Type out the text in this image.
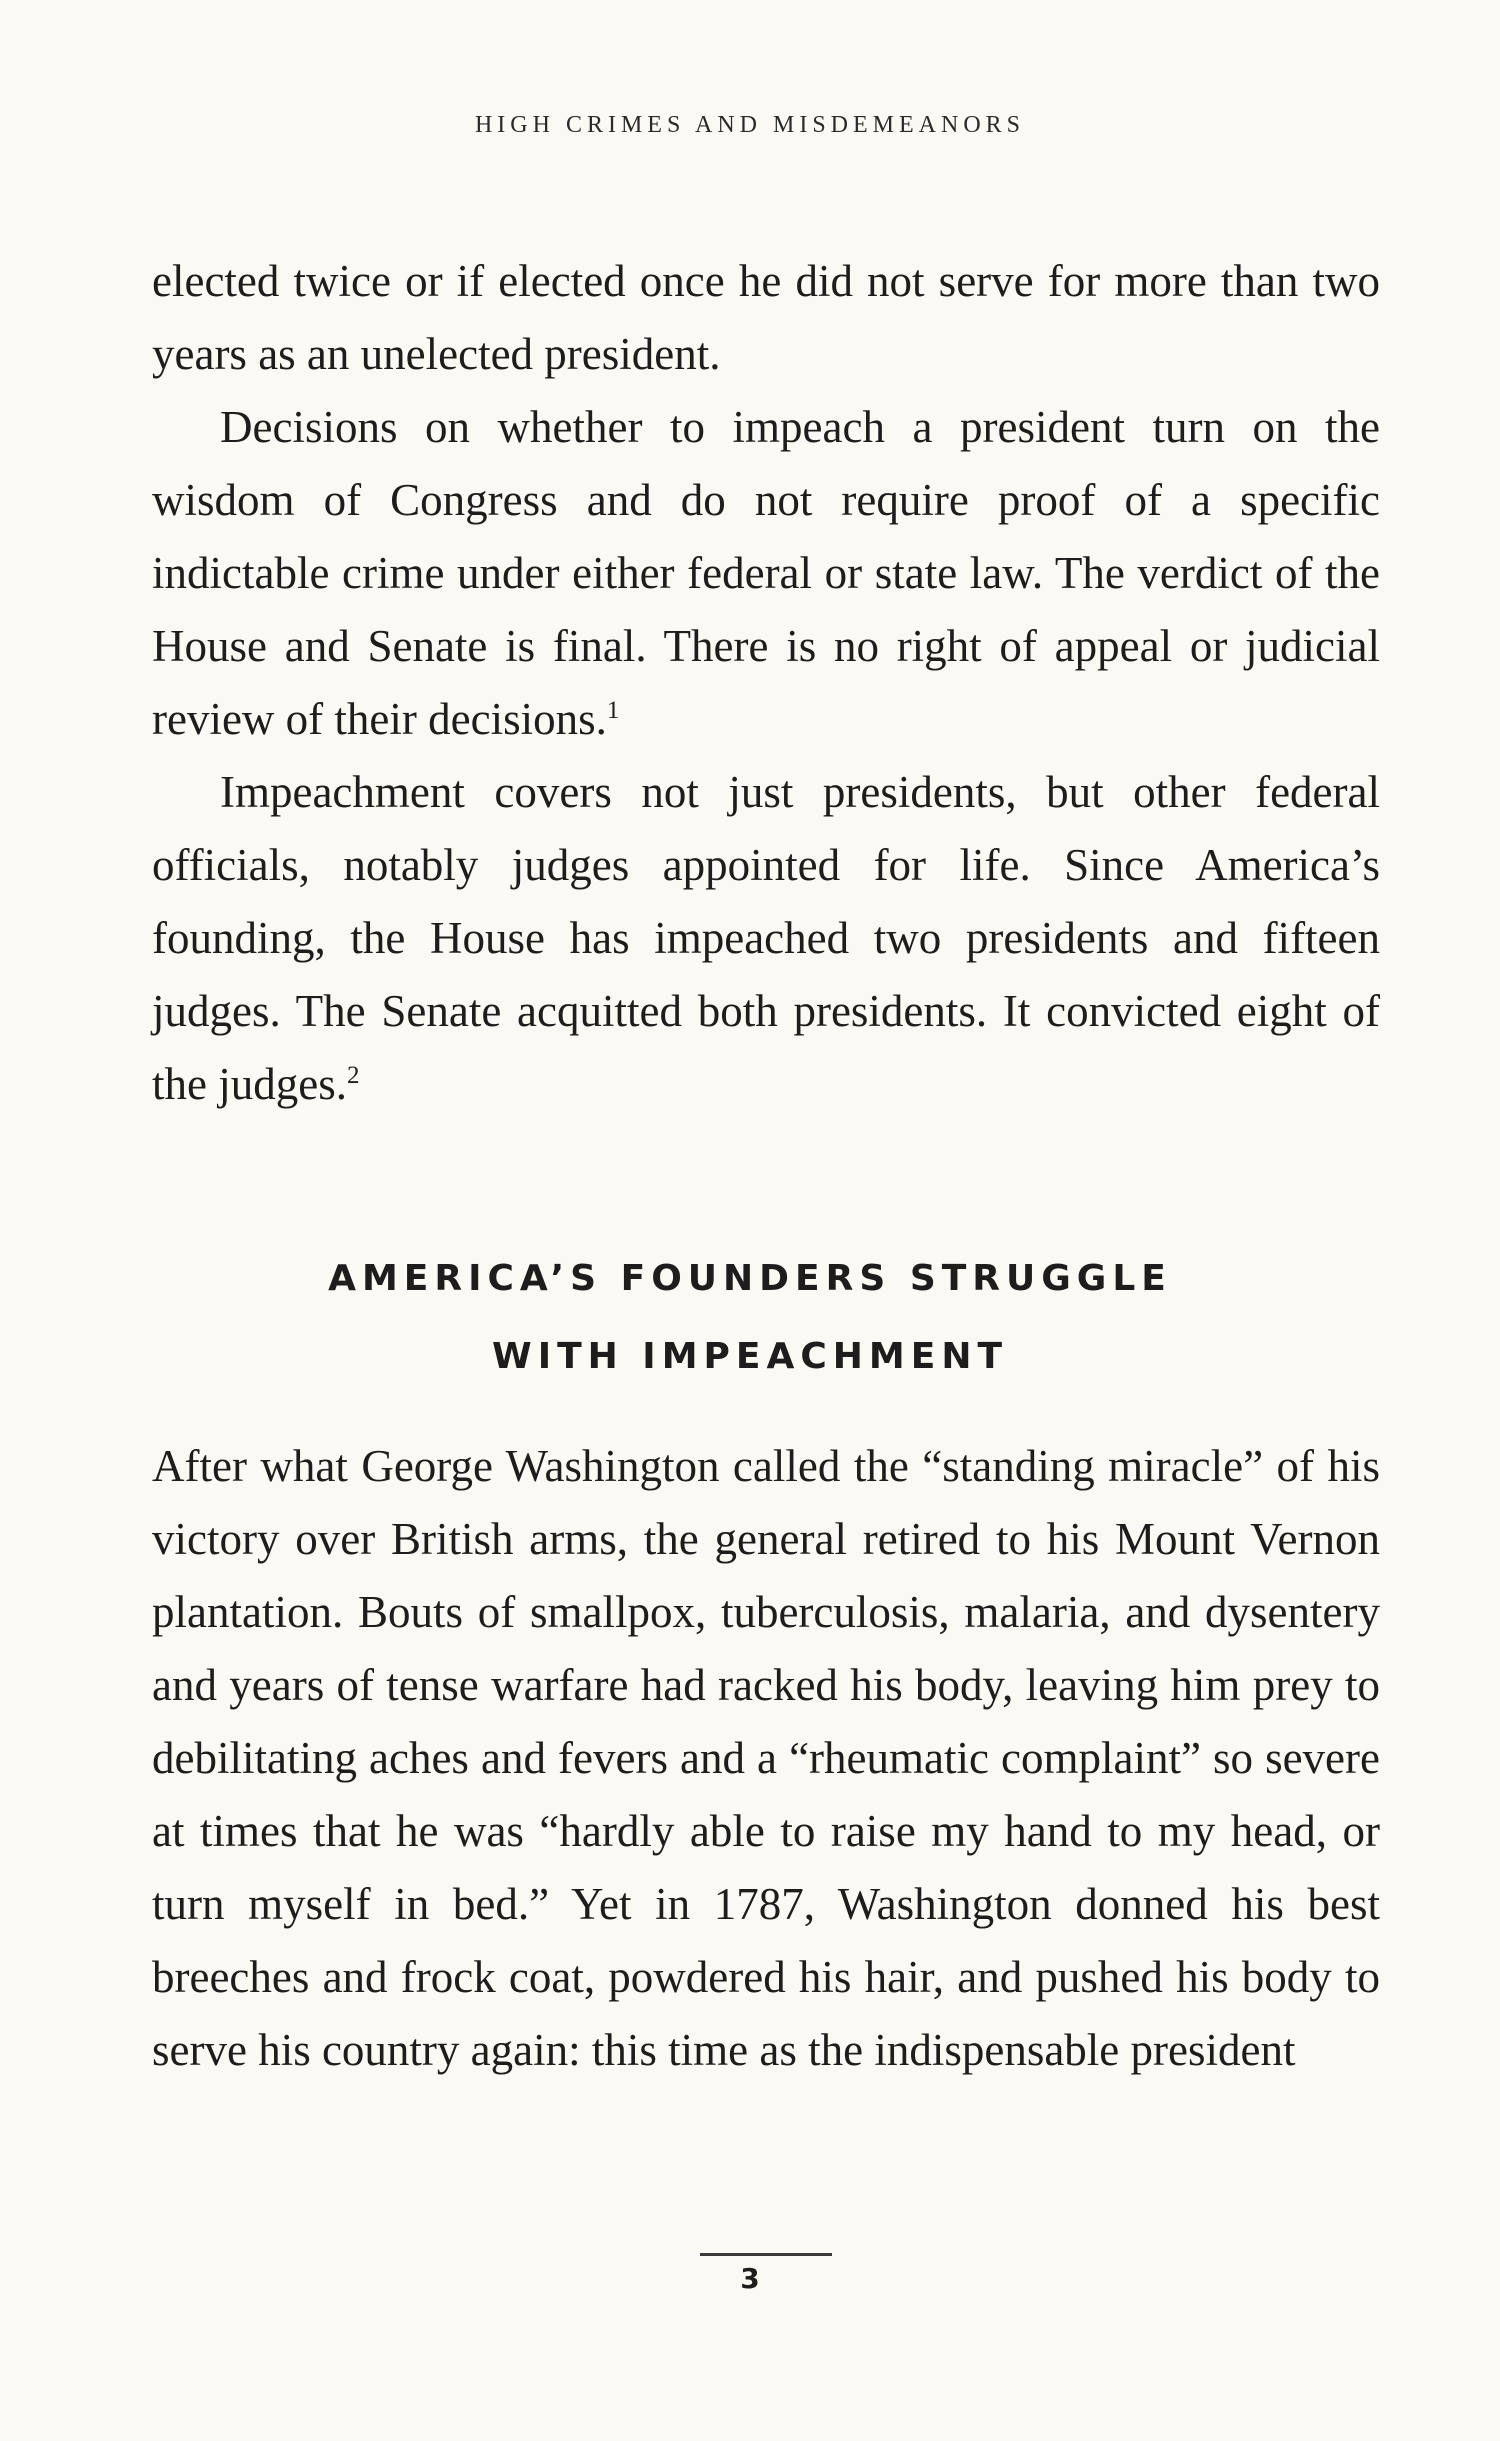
HIGH CRIMES AND MISDEMEANORS

elected twice or if elected once he did not serve for more than two years as an unelected president.

Decisions on whether to impeach a president turn on the wisdom of Congress and do not require proof of a specific indictable crime under either federal or state law. The verdict of the House and Senate is final. There is no right of appeal or judicial review of their decisions.$^1$

Impeachment covers not just presidents, but other federal officials, notably judges appointed for life. Since America’s founding, the House has impeached two presidents and fifteen judges. The Senate acquitted both presidents. It convicted eight of the judges.$^2$

AMERICA’S FOUNDERS STRUGGLE
WITH IMPEACHMENT

After what George Washington called the “standing miracle” of his victory over British arms, the general retired to his Mount Vernon plantation. Bouts of smallpox, tuberculosis, malaria, and dysentery and years of tense warfare had racked his body, leaving him prey to debilitating aches and fevers and a “rheumatic complaint” so severe at times that he was “hardly able to raise my hand to my head, or turn myself in bed.” Yet in 1787, Washington donned his best breeches and frock coat, powdered his hair, and pushed his body to serve his country again: this time as the indispensable president

3
